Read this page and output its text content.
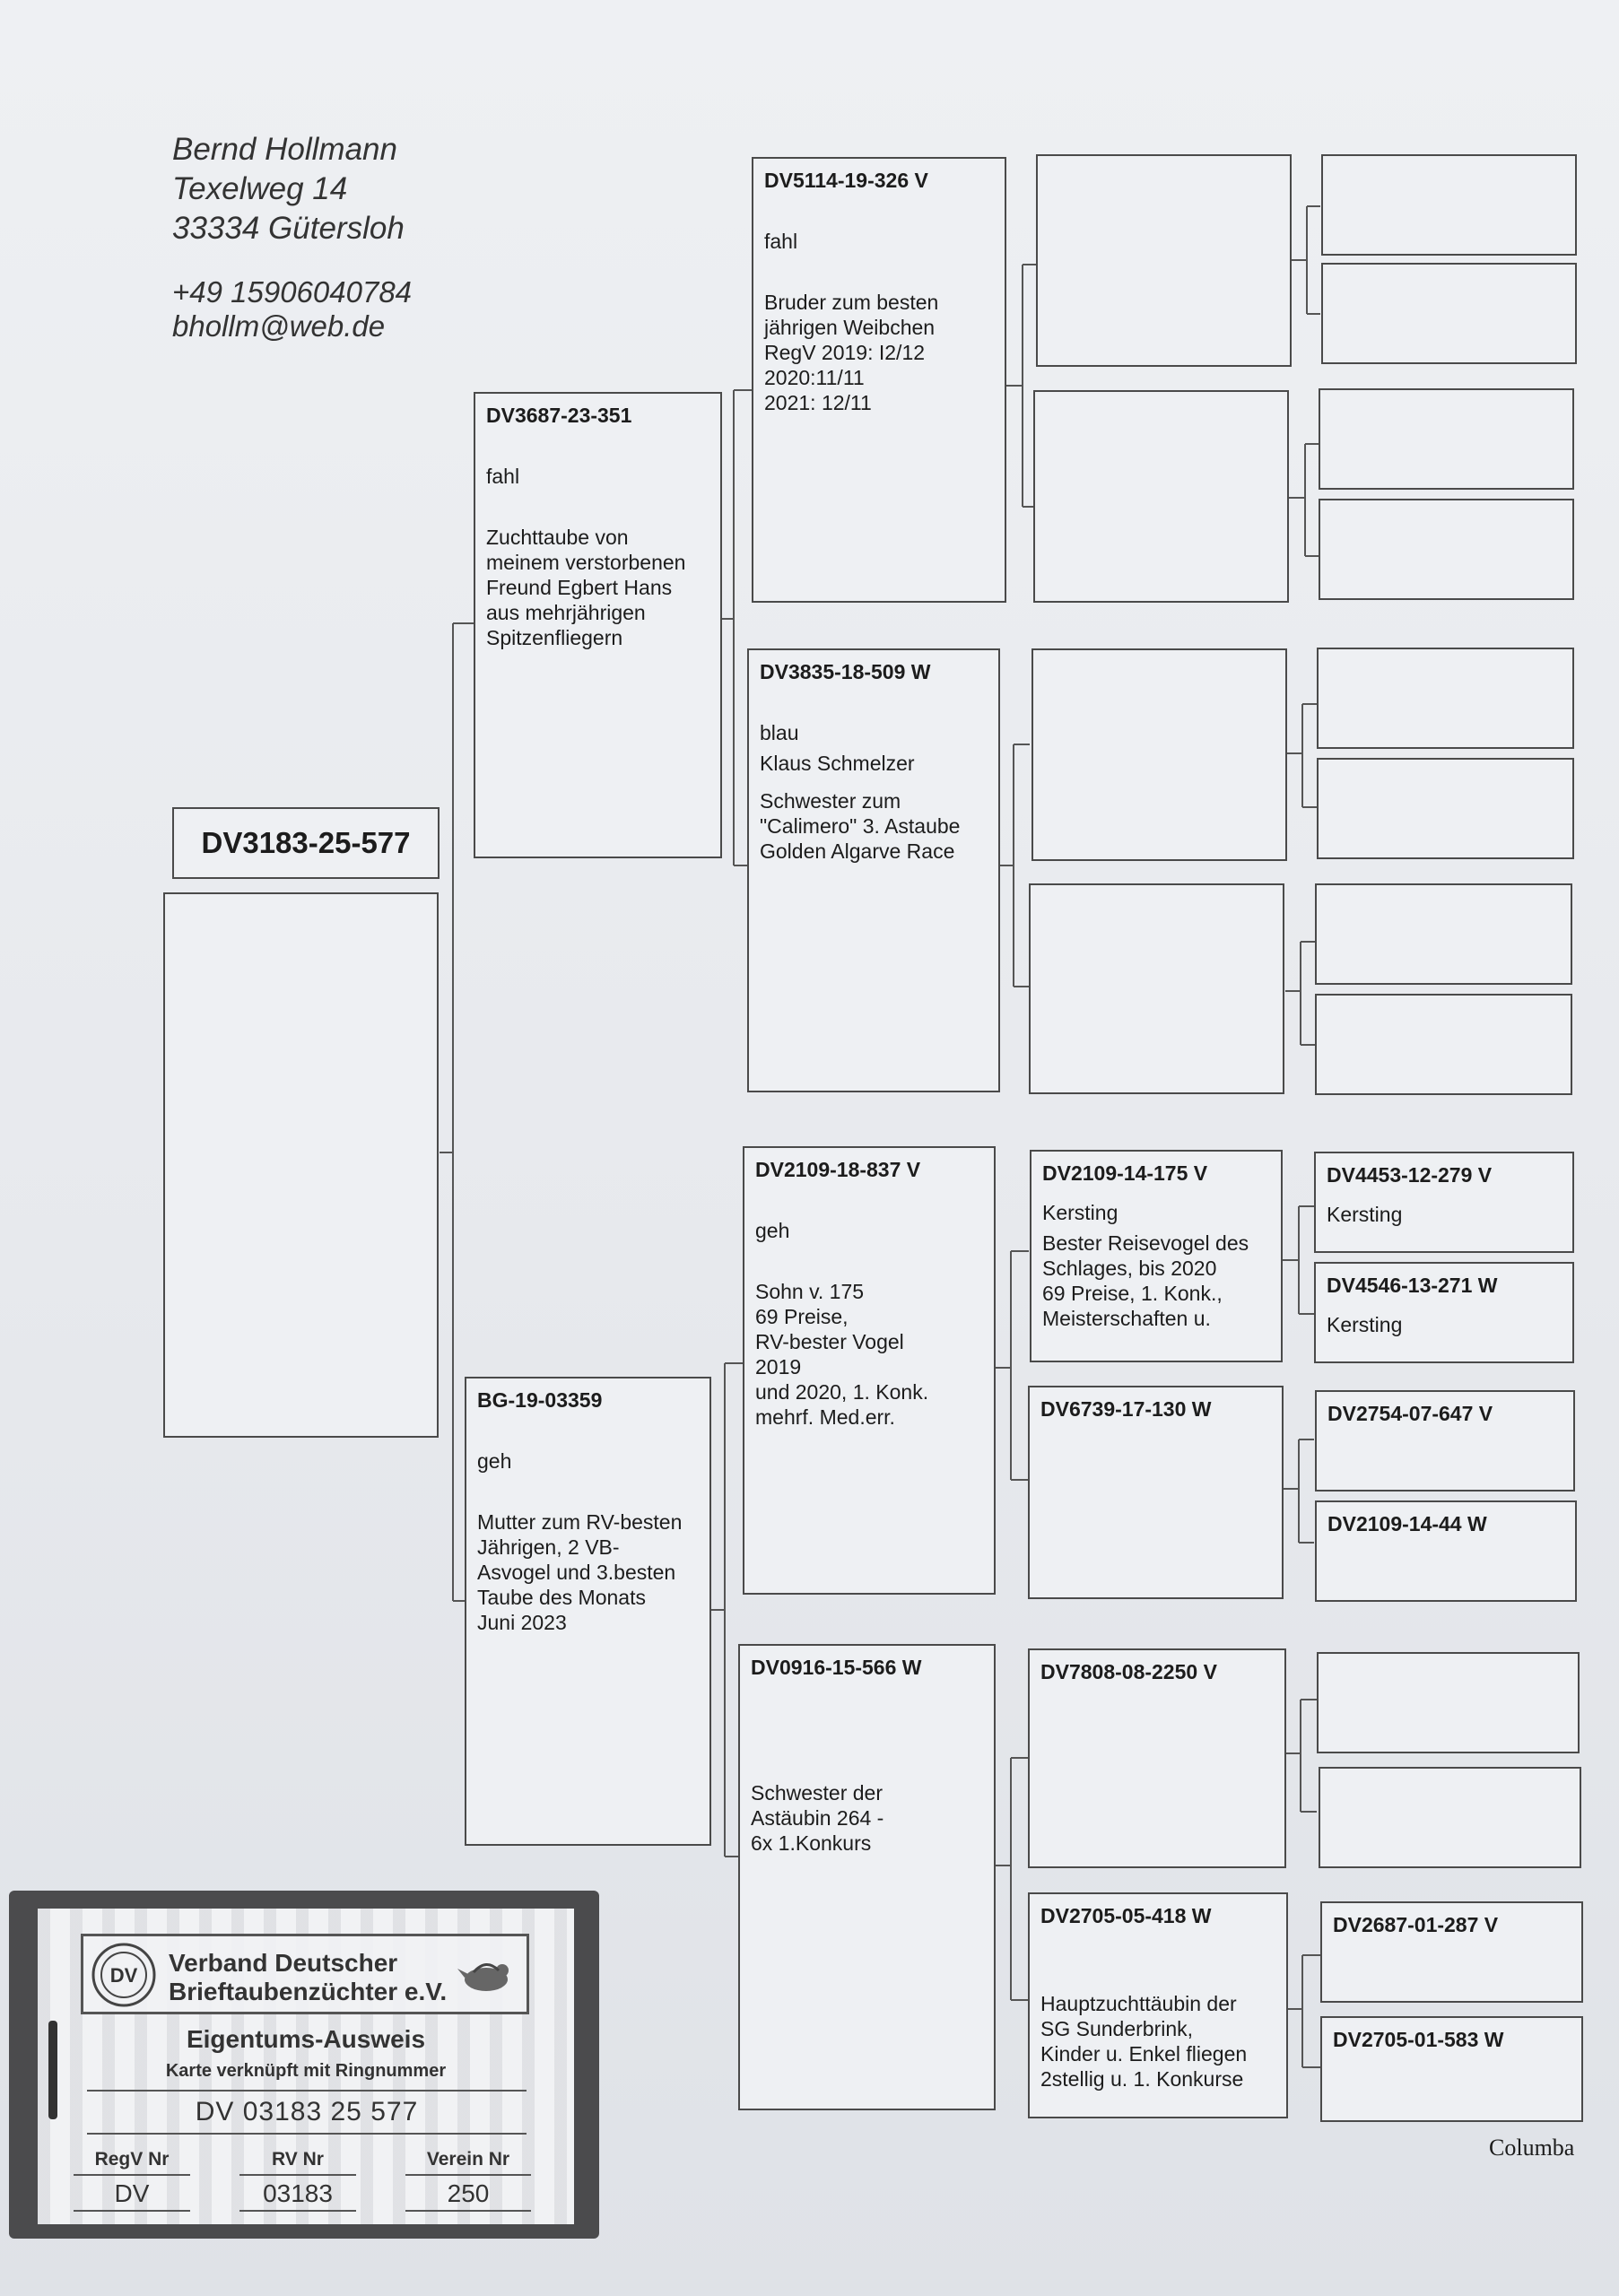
Bernd Hollmann

Texelweg 14

33334 Gütersloh

+49 15906040784

bhollm@web.de

DV3183-25-577

DV3687-23-351

fahl

Zuchttaube von
meinem verstorbenen
Freund Egbert Hans
aus mehrjährigen
Spitzenfliegern

BG-19-03359

geh

Mutter zum RV-besten
Jährigen, 2 VB-
Asvogel und 3.besten
Taube des Monats
Juni 2023

DV5114-19-326 V

fahl

Bruder zum besten
jährigen Weibchen
RegV 2019: I2/12
2020:11/11
2021: 12/11

DV3835-18-509 W

blau

Klaus Schmelzer

Schwester zum
"Calimero" 3. Astaube
Golden Algarve Race

DV2109-18-837 V

geh

Sohn v. 175
69 Preise,
RV-bester Vogel
2019
und 2020, 1. Konk.
mehrf. Med.err.

DV0916-15-566 W

Schwester der
Astäubin 264 -
6x 1.Konkurs

DV2109-14-175 V

Kersting

Bester Reisevogel des
Schlages, bis 2020
69 Preise, 1. Konk.,
Meisterschaften u.

DV6739-17-130 W

DV7808-08-2250 V

DV2705-05-418 W

Hauptzuchttäubin der
SG Sunderbrink,
Kinder u. Enkel fliegen
2stellig u. 1. Konkurse

DV4453-12-279 V

Kersting

DV4546-13-271 W

Kersting

DV2754-07-647 V

DV2109-14-44 W

DV2687-01-287 V

DV2705-01-583 W

Columba
DV Verband Deutscher
Brieftaubenzüchter e.V.
Eigentums-Ausweis
Karte verknüpft mit Ringnummer
DV 03183 25 577
RegV Nr
DV
RV Nr
03183
Verein Nr
250
